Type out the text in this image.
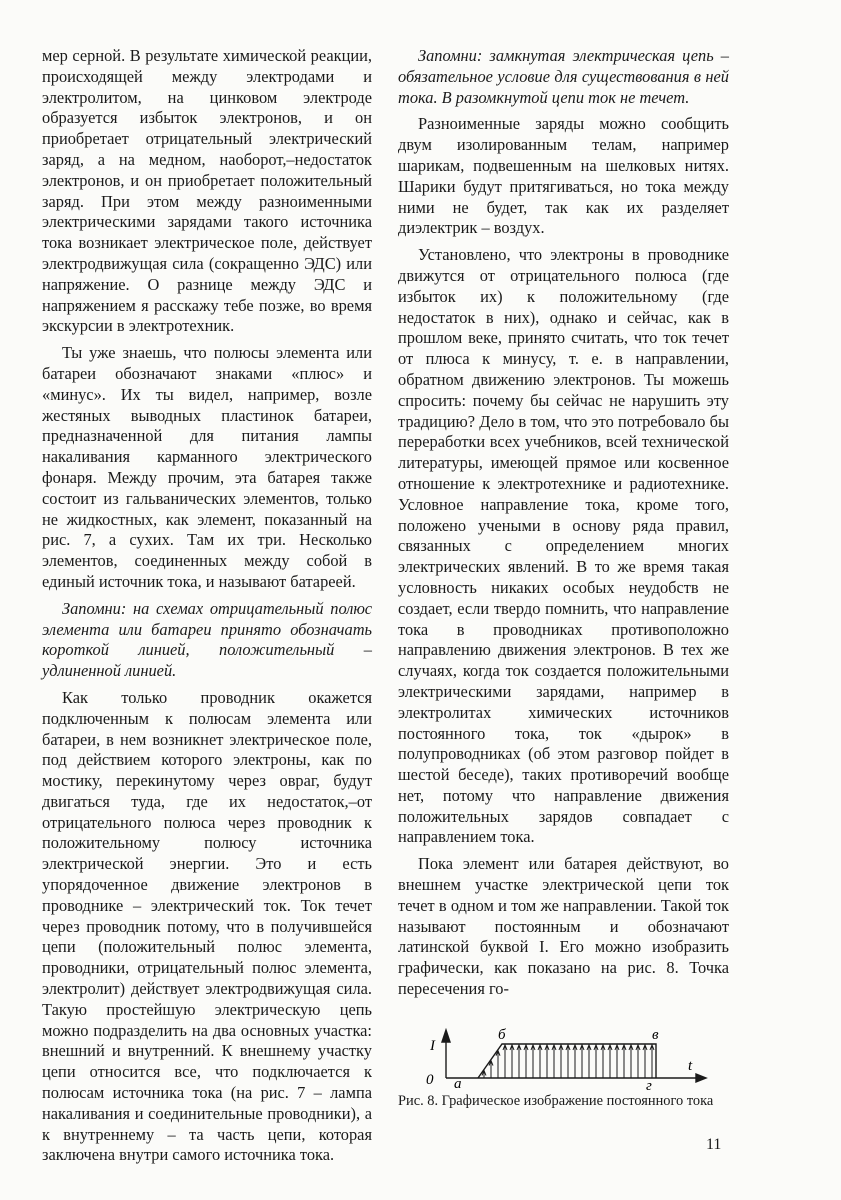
мер серной. В результате химической реакции, происходящей между электродами и электролитом, на цинковом электроде образуется избыток электронов, и он приобретает отрицательный электрический заряд, а на медном, наоборот,–недостаток электронов, и он приобретает положительный заряд. При этом между разноименными электрическими зарядами такого источника тока возникает электрическое поле, действует электродвижущая сила (сокращенно ЭДС) или напряжение. О разнице между ЭДС и напряжением я расскажу тебе позже, во время экскурсии в электротехник.

Ты уже знаешь, что полюсы элемента или батареи обозначают знаками «плюс» и «минус». Их ты видел, например, возле жестяных выводных пластинок батареи, предназначенной для питания лампы накаливания карманного электрического фонаря. Между прочим, эта батарея также состоит из гальванических элементов, только не жидкостных, как элемент, показанный на рис. 7, а сухих. Там их три. Несколько элементов, соединенных между собой в единый источник тока, и называют батареей.

Запомни: на схемах отрицательный полюс элемента или батареи принято обозначать короткой линией, положительный – удлиненной линией.

Как только проводник окажется подключенным к полюсам элемента или батареи, в нем возникнет электрическое поле, под действием которого электроны, как по мостику, перекинутому через овраг, будут двигаться туда, где их недостаток,–от отрицательного полюса через проводник к положительному полюсу источника электрической энергии. Это и есть упорядоченное движение электронов в проводнике – электрический ток. Ток течет через проводник потому, что в получившейся цепи (положительный полюс элемента, проводники, отрицательный полюс элемента, электролит) действует электродвижущая сила. Такую простейшую электрическую цепь можно подразделить на два основных участка: внешний и внутренний. К внешнему участку цепи относится все, что подключается к полюсам источника тока (на рис. 7 – лампа накаливания и соединительные проводники), а к внутреннему – та часть цепи, которая заключена внутри самого источника тока.

Запомни: замкнутая электрическая цепь – обязательное условие для существования в ней тока. В разомкнутой цепи ток не течет.

Разноименные заряды можно сообщить двум изолированным телам, например шарикам, подвешенным на шелковых нитях. Шарики будут притягиваться, но тока между ними не будет, так как их разделяет диэлектрик – воздух.

Установлено, что электроны в проводнике движутся от отрицательного полюса (где избыток их) к положительному (где недостаток в них), однако и сейчас, как в прошлом веке, принято считать, что ток течет от плюса к минусу, т. е. в направлении, обратном движению электронов. Ты можешь спросить: почему бы сейчас не нарушить эту традицию? Дело в том, что это потребовало бы переработки всех учебников, всей технической литературы, имеющей прямое или косвенное отношение к электротехнике и радиотехнике. Условное направление тока, кроме того, положено учеными в основу ряда правил, связанных с определением многих электрических явлений. В то же время такая условность никаких особых неудобств не создает, если твердо помнить, что направление тока в проводниках противоположно направлению движения электронов. В тех же случаях, когда ток создается положительными электрическими зарядами, например в электролитах химических источников постоянного тока, ток «дырок» в полупроводниках (об этом разговор пойдет в шестой беседе), таких противоречий вообще нет, потому что направление движения положительных зарядов совпадает с направлением тока.

Пока элемент или батарея действуют, во внешнем участке электрической цепи ток течет в одном и том же направлении. Такой ток называют постоянным и обозначают латинской буквой I. Его можно изобразить графически, как показано на рис. 8. Точка пересечения го-

I
0 a
б	в
г
t
Рис. 8. Графическое изображение постоянного тока
11
